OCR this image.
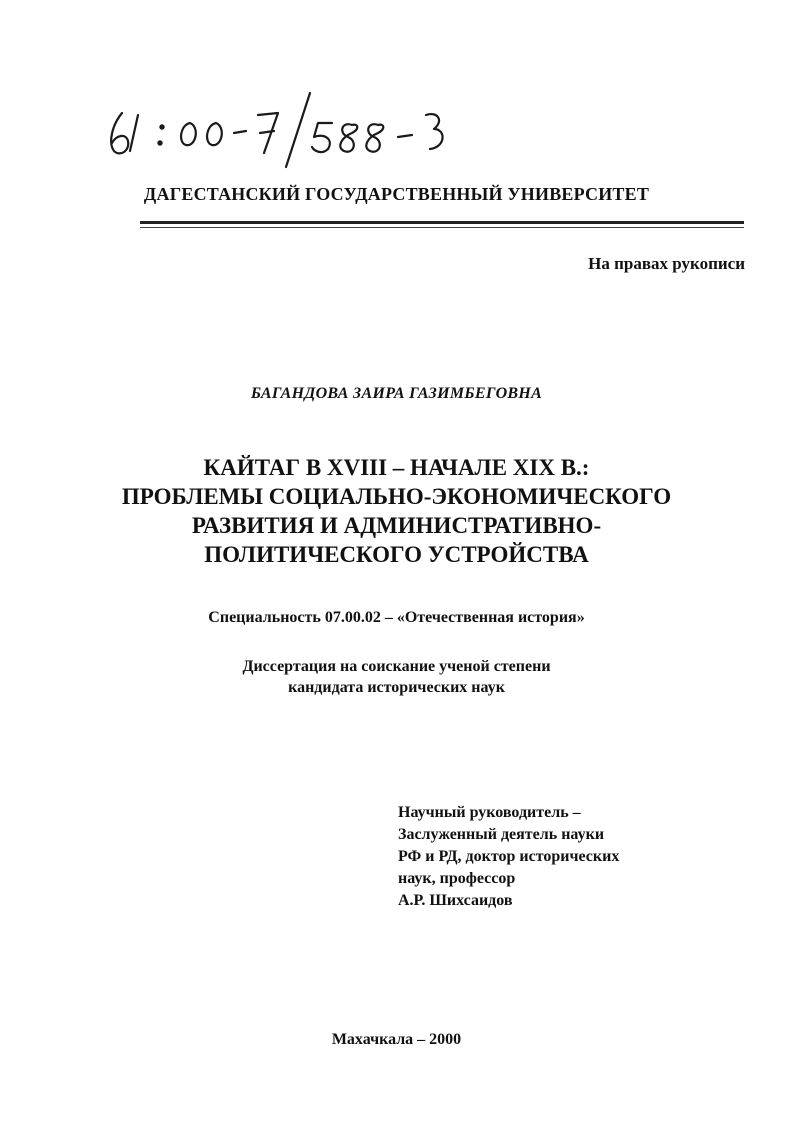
ДАГЕСТАНСКИЙ ГОСУДАРСТВЕННЫЙ УНИВЕРСИТЕТ
На правах рукописи
БАГАНДОВА ЗАИРА ГАЗИМБЕГОВНА
КАЙТАГ В XVIII – НАЧАЛЕ XIX В.:
ПРОБЛЕМЫ СОЦИАЛЬНО-ЭКОНОМИЧЕСКОГО
РАЗВИТИЯ И АДМИНИСТРАТИВНО-
ПОЛИТИЧЕСКОГО УСТРОЙСТВА
Специальность 07.00.02 – «Отечественная история»
Диссертация на соискание ученой степени
кандидата исторических наук
Научный руководитель –
Заслуженный деятель науки
РФ и РД, доктор исторических
наук, профессор
А.Р. Шихсаидов
Махачкала – 2000
